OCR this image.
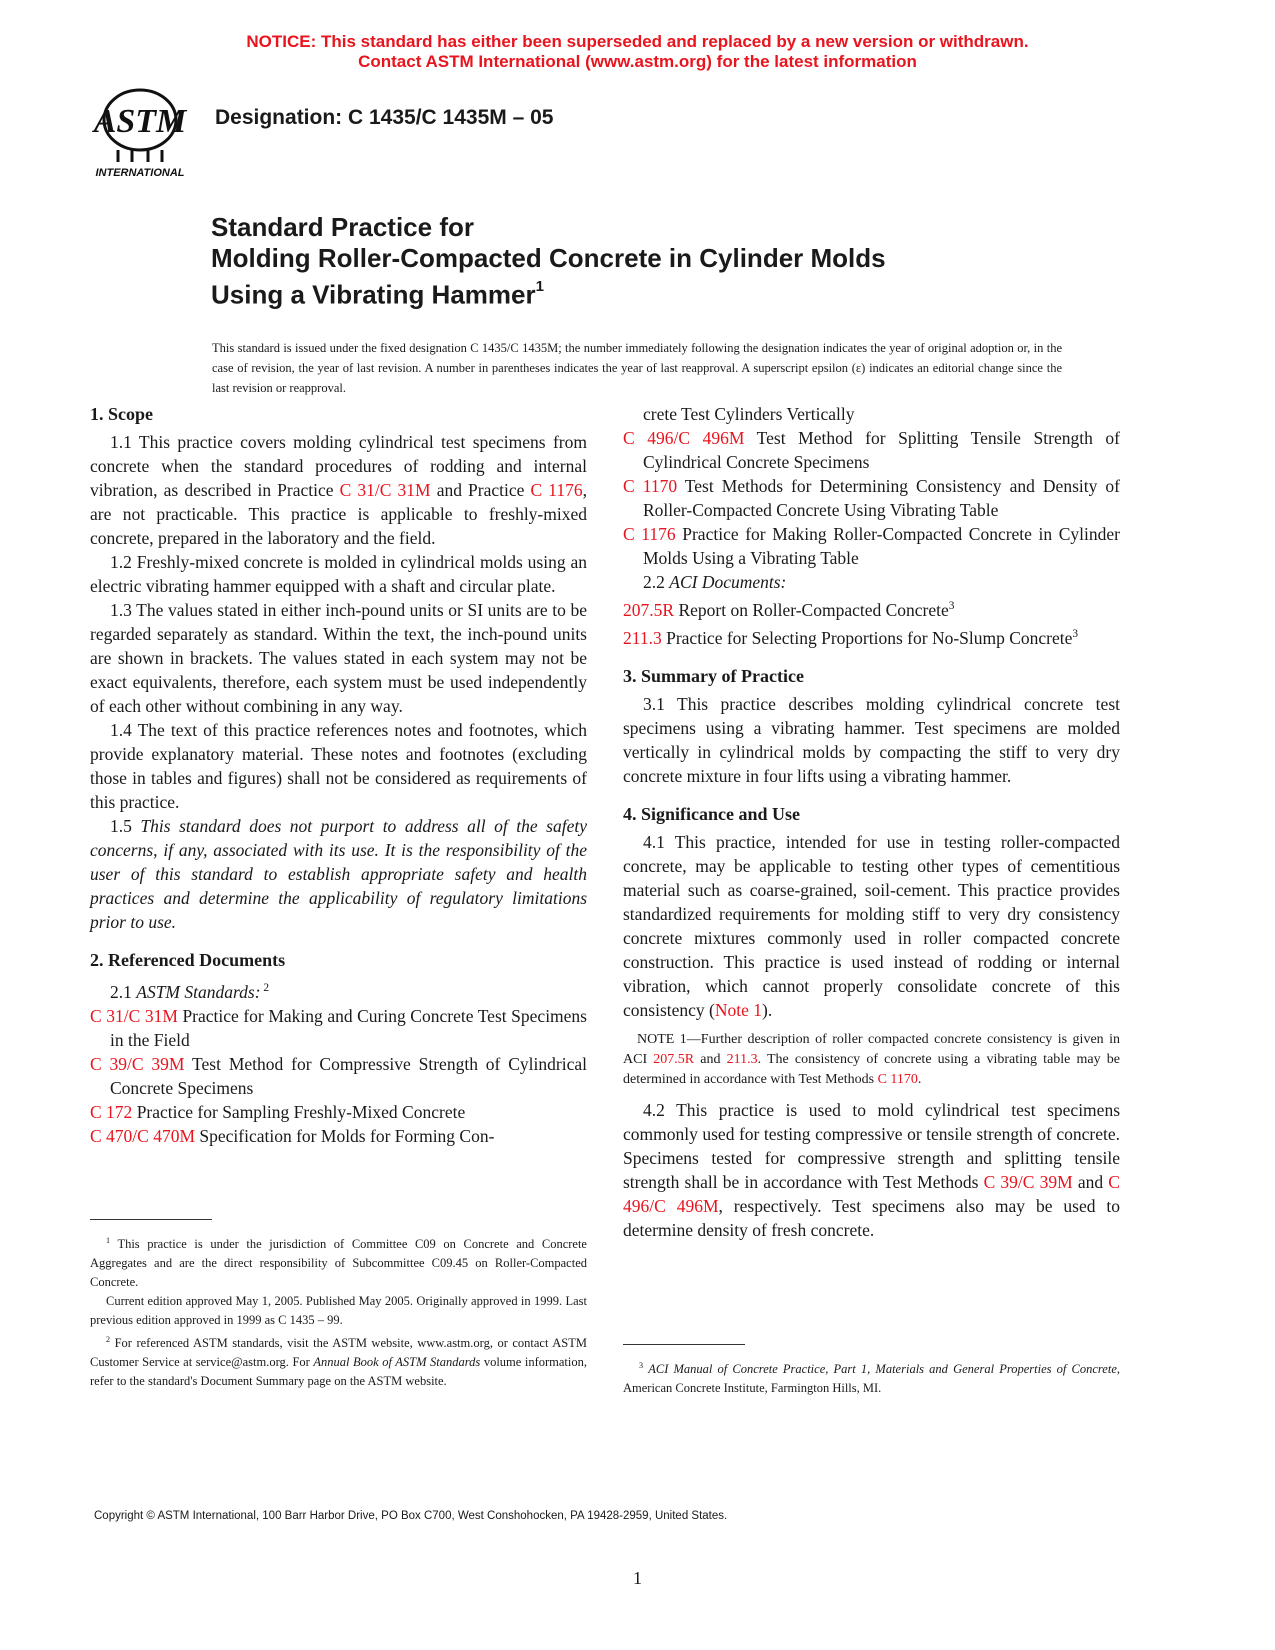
NOTICE: This standard has either been superseded and replaced by a new version or withdrawn.
Contact ASTM International (www.astm.org) for the latest information
ASTM
INTERNATIONAL
Designation: C 1435/C 1435M – 05
Standard Practice for
Molding Roller-Compacted Concrete in Cylinder Molds
Using a Vibrating Hammer$^1$
This standard is issued under the fixed designation C 1435/C 1435M; the number immediately following the designation indicates the year of original adoption or, in the case of revision, the year of last revision. A number in parentheses indicates the year of last reapproval. A superscript epsilon (ε) indicates an editorial change since the last revision or reapproval.
1. Scope

1.1 This practice covers molding cylindrical test specimens from concrete when the standard procedures of rodding and internal vibration, as described in Practice C 31/C 31M and Practice C 1176, are not practicable. This practice is applicable to freshly-mixed concrete, prepared in the laboratory and the field.

1.2 Freshly-mixed concrete is molded in cylindrical molds using an electric vibrating hammer equipped with a shaft and circular plate.

1.3 The values stated in either inch-pound units or SI units are to be regarded separately as standard. Within the text, the inch-pound units are shown in brackets. The values stated in each system may not be exact equivalents, therefore, each system must be used independently of each other without combining in any way.

1.4 The text of this practice references notes and footnotes, which provide explanatory material. These notes and footnotes (excluding those in tables and figures) shall not be considered as requirements of this practice.

1.5 This standard does not purport to address all of the safety concerns, if any, associated with its use. It is the responsibility of the user of this standard to establish appropriate safety and health practices and determine the applicability of regulatory limitations prior to use.

2. Referenced Documents

2.1 ASTM Standards: $^2$

C 31/C 31M Practice for Making and Curing Concrete Test Specimens in the Field
C 39/C 39M Test Method for Compressive Strength of Cylindrical Concrete Specimens
C 172 Practice for Sampling Freshly-Mixed Concrete
C 470/C 470M Specification for Molds for Forming Con-

$^1$ This practice is under the jurisdiction of Committee C09 on Concrete and Concrete Aggregates and are the direct responsibility of Subcommittee C09.45 on Roller-Compacted Concrete.

Current edition approved May 1, 2005. Published May 2005. Originally approved in 1999. Last previous edition approved in 1999 as C 1435 – 99.

$^2$ For referenced ASTM standards, visit the ASTM website, www.astm.org, or contact ASTM Customer Service at service@astm.org. For Annual Book of ASTM Standards volume information, refer to the standard's Document Summary page on the ASTM website.

crete Test Cylinders Vertically
C 496/C 496M Test Method for Splitting Tensile Strength of Cylindrical Concrete Specimens
C 1170 Test Methods for Determining Consistency and Density of Roller-Compacted Concrete Using Vibrating Table
C 1176 Practice for Making Roller-Compacted Concrete in Cylinder Molds Using a Vibrating Table

2.2 ACI Documents:

207.5R Report on Roller-Compacted Concrete$^3$
211.3 Practice for Selecting Proportions for No-Slump Concrete$^3$
3. Summary of Practice

3.1 This practice describes molding cylindrical concrete test specimens using a vibrating hammer. Test specimens are molded vertically in cylindrical molds by compacting the stiff to very dry concrete mixture in four lifts using a vibrating hammer.

4. Significance and Use

4.1 This practice, intended for use in testing roller-compacted concrete, may be applicable to testing other types of cementitious material such as coarse-grained, soil-cement. This practice provides standardized requirements for molding stiff to very dry consistency concrete mixtures commonly used in roller compacted concrete construction. This practice is used instead of rodding or internal vibration, which cannot properly consolidate concrete of this consistency (Note 1).

NOTE 1—Further description of roller compacted concrete consistency is given in ACI 207.5R and 211.3. The consistency of concrete using a vibrating table may be determined in accordance with Test Methods C 1170.

4.2 This practice is used to mold cylindrical test specimens commonly used for testing compressive or tensile strength of concrete. Specimens tested for compressive strength and splitting tensile strength shall be in accordance with Test Methods C 39/C 39M and C 496/C 496M, respectively. Test specimens also may be used to determine density of fresh concrete.

$^3$ ACI Manual of Concrete Practice, Part 1, Materials and General Properties of Concrete, American Concrete Institute, Farmington Hills, MI.

Copyright © ASTM International, 100 Barr Harbor Drive, PO Box C700, West Conshohocken, PA 19428-2959, United States.
1
